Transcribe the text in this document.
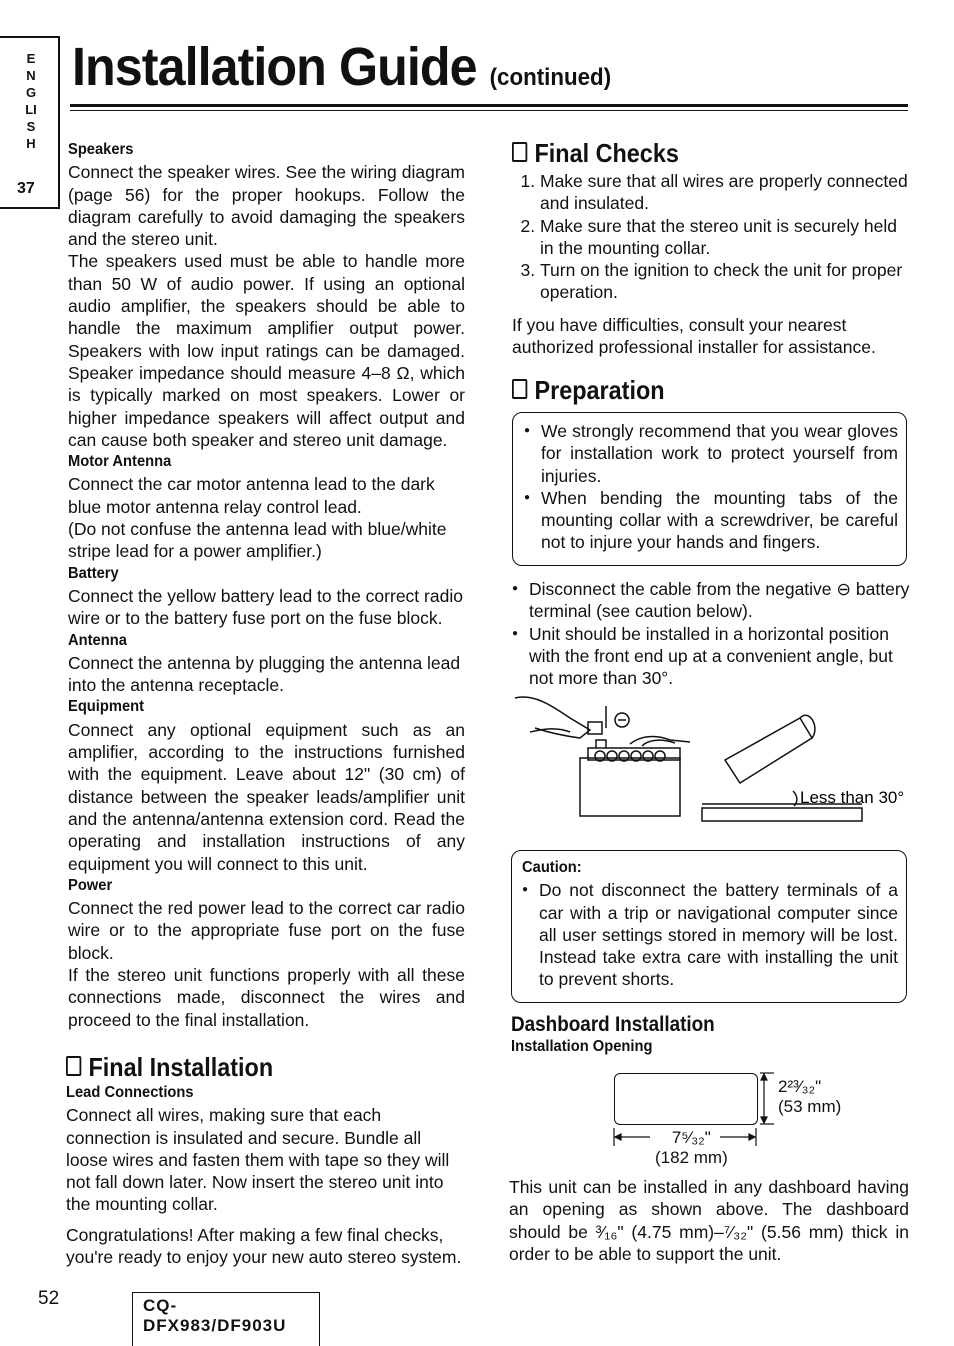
ENGLISH
37
Installation Guide (continued)
Speakers

Connect the speaker wires. See the wiring diagram (page 56) for the proper hookups. Follow the diagram carefully to avoid damaging the speakers and the stereo unit.

The speakers used must be able to handle more than 50 W of audio power. If using an optional audio amplifier, the speakers should be able to handle the maximum amplifier output power. Speakers with low input ratings can be damaged. Speaker impedance should measure 4–8 Ω, which is typically marked on most speakers. Lower or higher impedance speakers will affect output and can cause both speaker and stereo unit damage.

Motor Antenna

Connect the car motor antenna lead to the dark blue motor antenna relay control lead.

(Do not confuse the antenna lead with blue/white stripe lead for a power amplifier.)

Battery

Connect the yellow battery lead to the correct radio wire or to the battery fuse port on the fuse block.

Antenna

Connect the antenna by plugging the antenna lead into the antenna receptacle.

Equipment

Connect any optional equipment such as an amplifier, according to the instructions furnished with the equipment. Leave about 12" (30 cm) of distance between the speaker leads/amplifier unit and the antenna/antenna extension cord. Read the operating and installation instructions of any equipment you will connect to this unit.

Power

Connect the red power lead to the correct car radio wire or to the appropriate fuse port on the fuse block.

If the stereo unit functions properly with all these connections made, disconnect the wires and proceed to the final installation.

Final Installation
Lead Connections

Connect all wires, making sure that each connection is insulated and secure. Bundle all loose wires and fasten them with tape so they will not fall down later. Now insert the stereo unit into the mounting collar.

Congratulations! After making a few final checks, you're ready to enjoy your new auto stereo system.

Final Checks
1. Make sure that all wires are properly connected and insulated.
2. Make sure that the stereo unit is securely held in the mounting collar.
3. Turn on the ignition to check the unit for proper operation.

If you have difficulties, consult your nearest authorized professional installer for assistance.

Preparation
● We strongly recommend that you wear gloves for installation work to protect yourself from injuries.
● When bending the mounting tabs of the mounting collar with a screwdriver, be careful not to injure your hands and fingers.
● Disconnect the cable from the negative ⊖ battery terminal (see caution below).
● Unit should be installed in a horizontal position with the front end up at a convenient angle, but not more than 30°.
Less than 30°
Caution:
● Do not disconnect the battery terminals of a car with a trip or navigational computer since all user settings stored in memory will be lost. Instead take extra care with installing the unit to prevent shorts.
Dashboard Installation
Installation Opening
2²³⁄₃₂"
(53 mm)
7⁵⁄₃₂"
(182 mm)

This unit can be installed in any dashboard having an opening as shown above. The dashboard should be ³⁄₁₆" (4.75 mm)–⁷⁄₃₂" (5.56 mm) thick in order to be able to support the unit.

52	CQ-DFX983/DF903U
